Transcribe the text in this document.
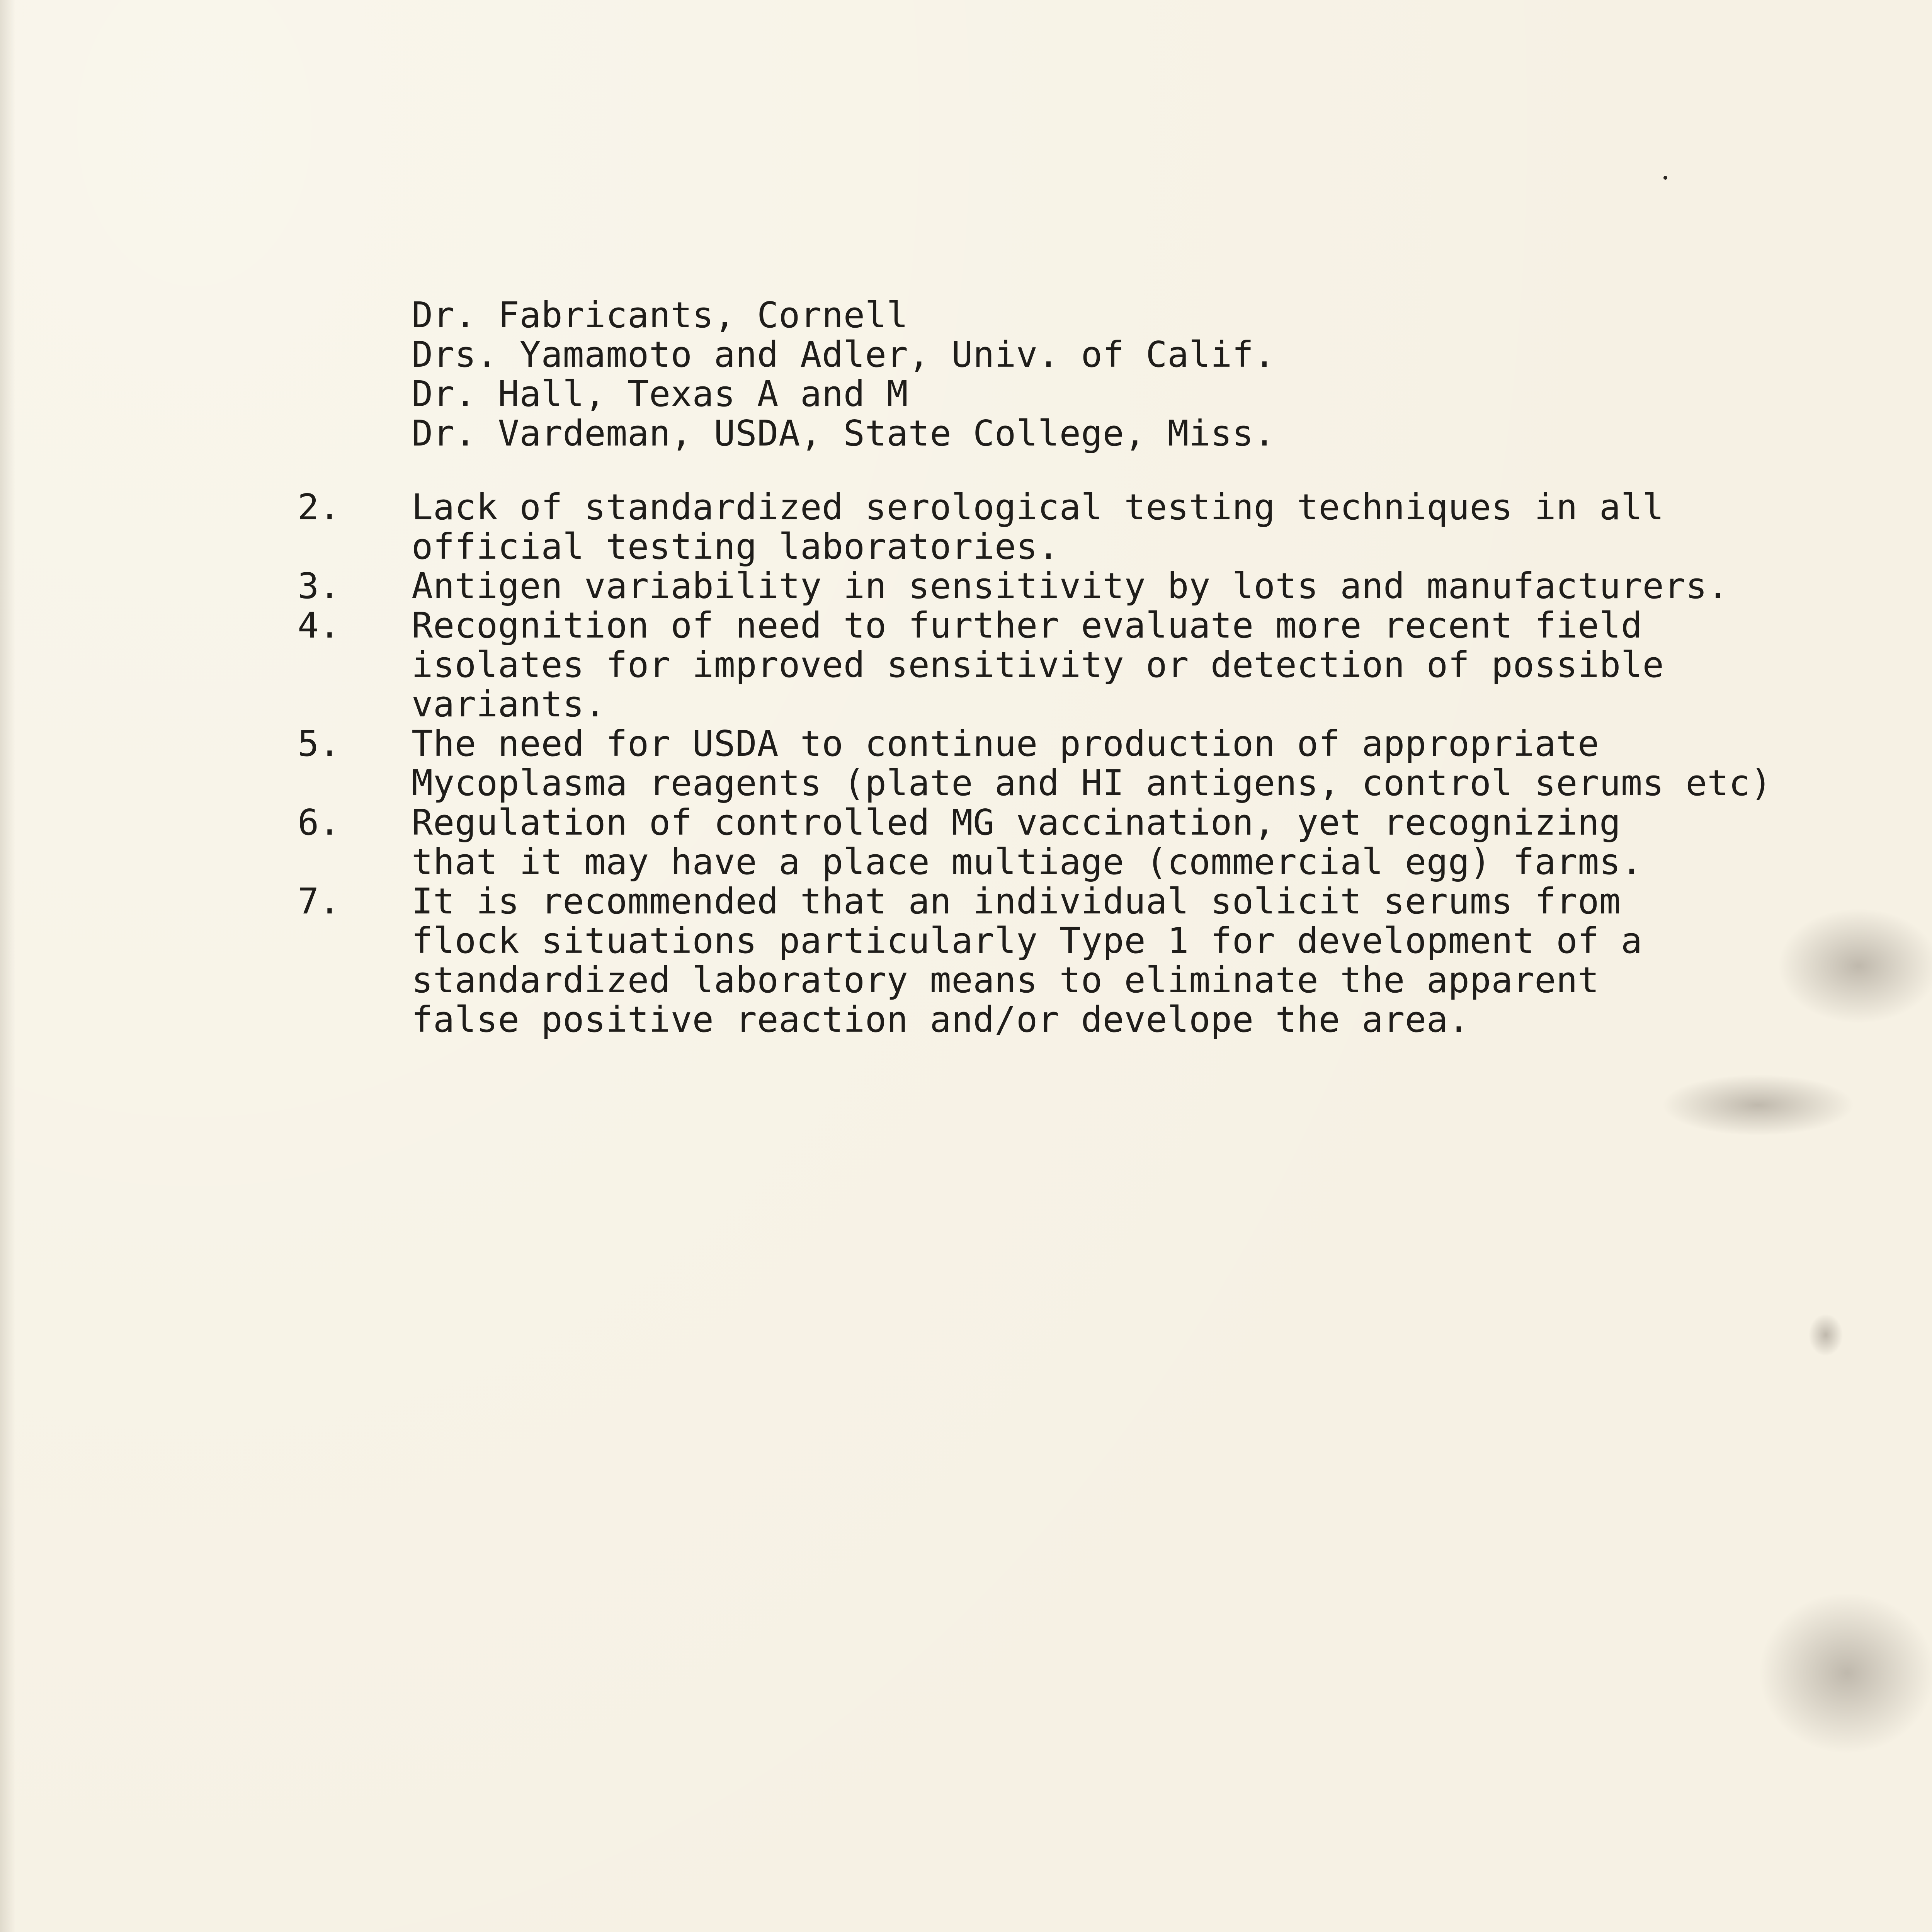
Dr. Fabricants, Cornell
Drs. Yamamoto and Adler, Univ. of Calif.
Dr. Hall, Texas A and M
Dr. Vardeman, USDA, State College, Miss.
2.	Lack of standardized serological testing techniques in all
official testing laboratories.
3.	Antigen variability in sensitivity by lots and manufacturers.
4.	Recognition of need to further evaluate more recent field
isolates for improved sensitivity or detection of possible
variants.
5.	The need for USDA to continue production of appropriate
Mycoplasma reagents (plate and HI antigens, control serums etc)
6.	Regulation of controlled MG vaccination, yet recognizing
that it may have a place multiage (commercial egg) farms.
7.	It is recommended that an individual solicit serums from
flock situations particularly Type 1 for development of a
standardized laboratory means to eliminate the apparent
false positive reaction and/or develope the area.
